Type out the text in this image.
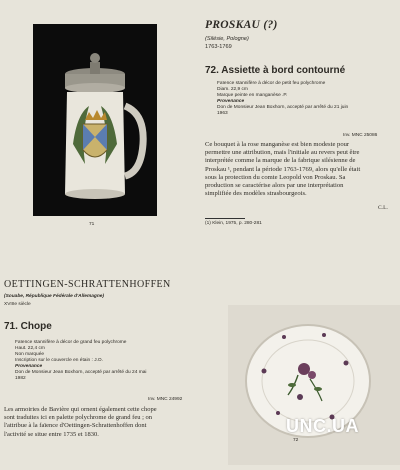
71
PROSKAU (?)
(Silésie, Pologne)
1763-1769
72. Assiette à bord contourné
Faïence stannifère à décor de petit feu polychrome
Diam. 22,9 cm
Marque peinte en manganèse .P.
Provenance
Don de Monsieur Jean Boxhorn, accepté par arrêté du 21 juin
1963
Inv. MNC 25086
Ce bouquet à la rose manganèse est bien modeste pour
permettre une attribution, mais l'initiale au revers peut être
interprétée comme la marque de la fabrique silésienne de
Proskau ¹, pendant la période 1763-1769, alors qu'elle était
sous la protection du comte Leopold von Proskau. Sa
production se caractérise alors par une interprétation
simplifiée des modèles strasbourgeois.
C.L.
(1) Klein, 1975, p. 280-281
OETTINGEN-SCHRATTENHOFFEN
(Souabe, République Fédérale d'Allemagne)
XVIIIe siècle
71. Chope
Faïence stannifère à décor de grand feu polychrome
Haut. 22,4 cm
Non marquée
Inscription sur le couvercle en étain : J.O.
Provenance
Don de Monsieur Jean Boxhorn, accepté par arrêté du 24 mai
1982
Inv. MNC 24992
Les armoiries de Bavière qui ornent également cette chope
sont traduites ici en palette polychrome de grand feu ; on
l'attribue à la faïence d'Oettingen-Schrattenhoffen dont
l'activité se situe entre 1735 et 1830.
72
UNC.UA
